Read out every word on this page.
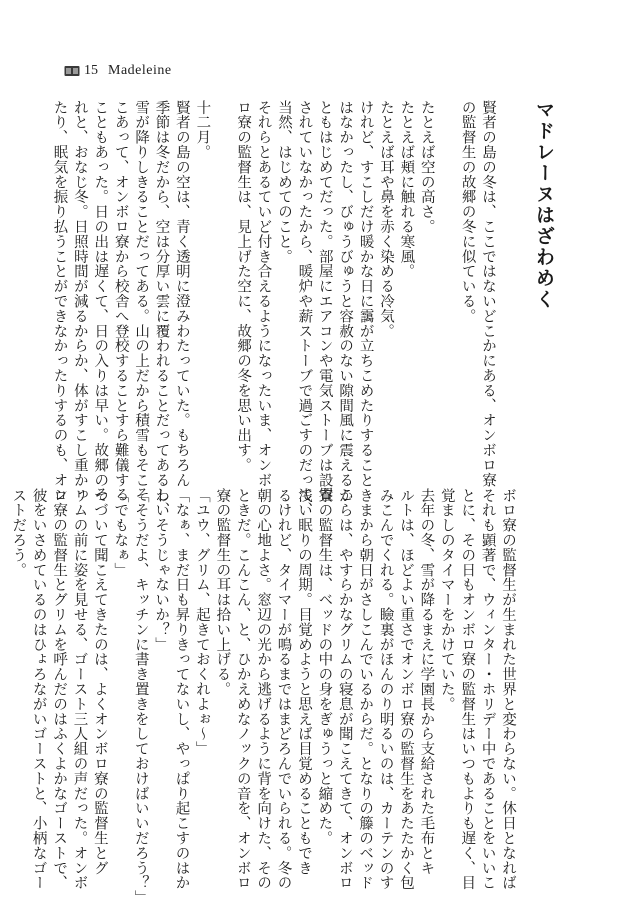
15 Madeleine
マドレーヌはざわめく
賢者の島の冬は、ここではないどこかにある、オンボロ寮
の監督生の故郷の冬に似ている。

たとえば空の高さ。
たとえば頬に触れる寒風。
たとえば耳や鼻を赤く染める冷気。
けれど、すこしだけ暖かな日に靄が立ちこめたりすること
はなかったし、びゅうびゅうと容赦のない隙間風に震えるこ
ともはじめてだった。部屋にエアコンや電気ストーブは設置
されていなかったから、暖炉や薪ストーブで過ごすのだって、
当然、はじめてのこと。
それらとあるていど付き合えるようになったいま、オンボ
ロ寮の監督生は、見上げた空に、故郷の冬を思い出す。

十二月。
賢者の島の空は、青く透明に澄みわたっていた。もちろん
季節は冬だから、空は分厚い雲に覆われることだってあるし、
雪が降りしきることだってある。山の上だから積雪もそこそ
こあって、オンボロ寮から校舎へ登校することすら難儀する
こともあった。日の出は遅くて、日の入りは早い。故郷のそ
れと、おなじ冬。日照時間が減るからか、体がすこし重かっ
たり、眠気を振り払うことができなかったりするのも、オン
ボロ寮の監督生が生まれた世界と変わらない。休日となれば
それも顕著で、ウィンター・ホリデー中であることをいいこ
とに、その日もオンボロ寮の監督生はいつもよりも遅く、目
覚ましのタイマーをかけていた。
去年の冬、雪が降るまえに学園長から支給された毛布とキ
ルトは、ほどよい重さでオンボロ寮の監督生をあたたかく包
みこんでくれる。瞼裏がほんのり明るいのは、カーテンのす
きまから朝日がさしこんでいるからだ。となりの籐のベッド
からは、やすらかなグリムの寝息が聞こえてきて、オンボロ
寮の監督生は、ベッドの中の身をぎゅうっと縮めた。
浅い眠りの周期。目覚めようと思えば目覚めることもでき
るけれど、タイマーが鳴るまではまどろんでいられる。冬の
朝の心地よさ。窓辺の光から逃げるように背を向けた、その
ときだ。こんこん、と、ひかえめなノックの音を、オンボロ
寮の監督生の耳は拾い上げる。
「ユウ、グリム、起きておくれよぉ〜」
「なぁ、まだ日も昇りきってないし、やっぱり起こすのはか
わいそうじゃないか？」
「そうだよ、キッチンに書き置きをしておけばいいだろう？」
「でもなぁ」
つづいて聞こえてきたのは、よくオンボロ寮の監督生とグ
リムの前に姿を見せる、ゴースト三人組の声だった。オンボ
ロ寮の監督生とグリムを呼んだのはふくよかなゴーストで、
彼をいさめているのはひょろながいゴーストと、小柄なゴー
ストだろう。
